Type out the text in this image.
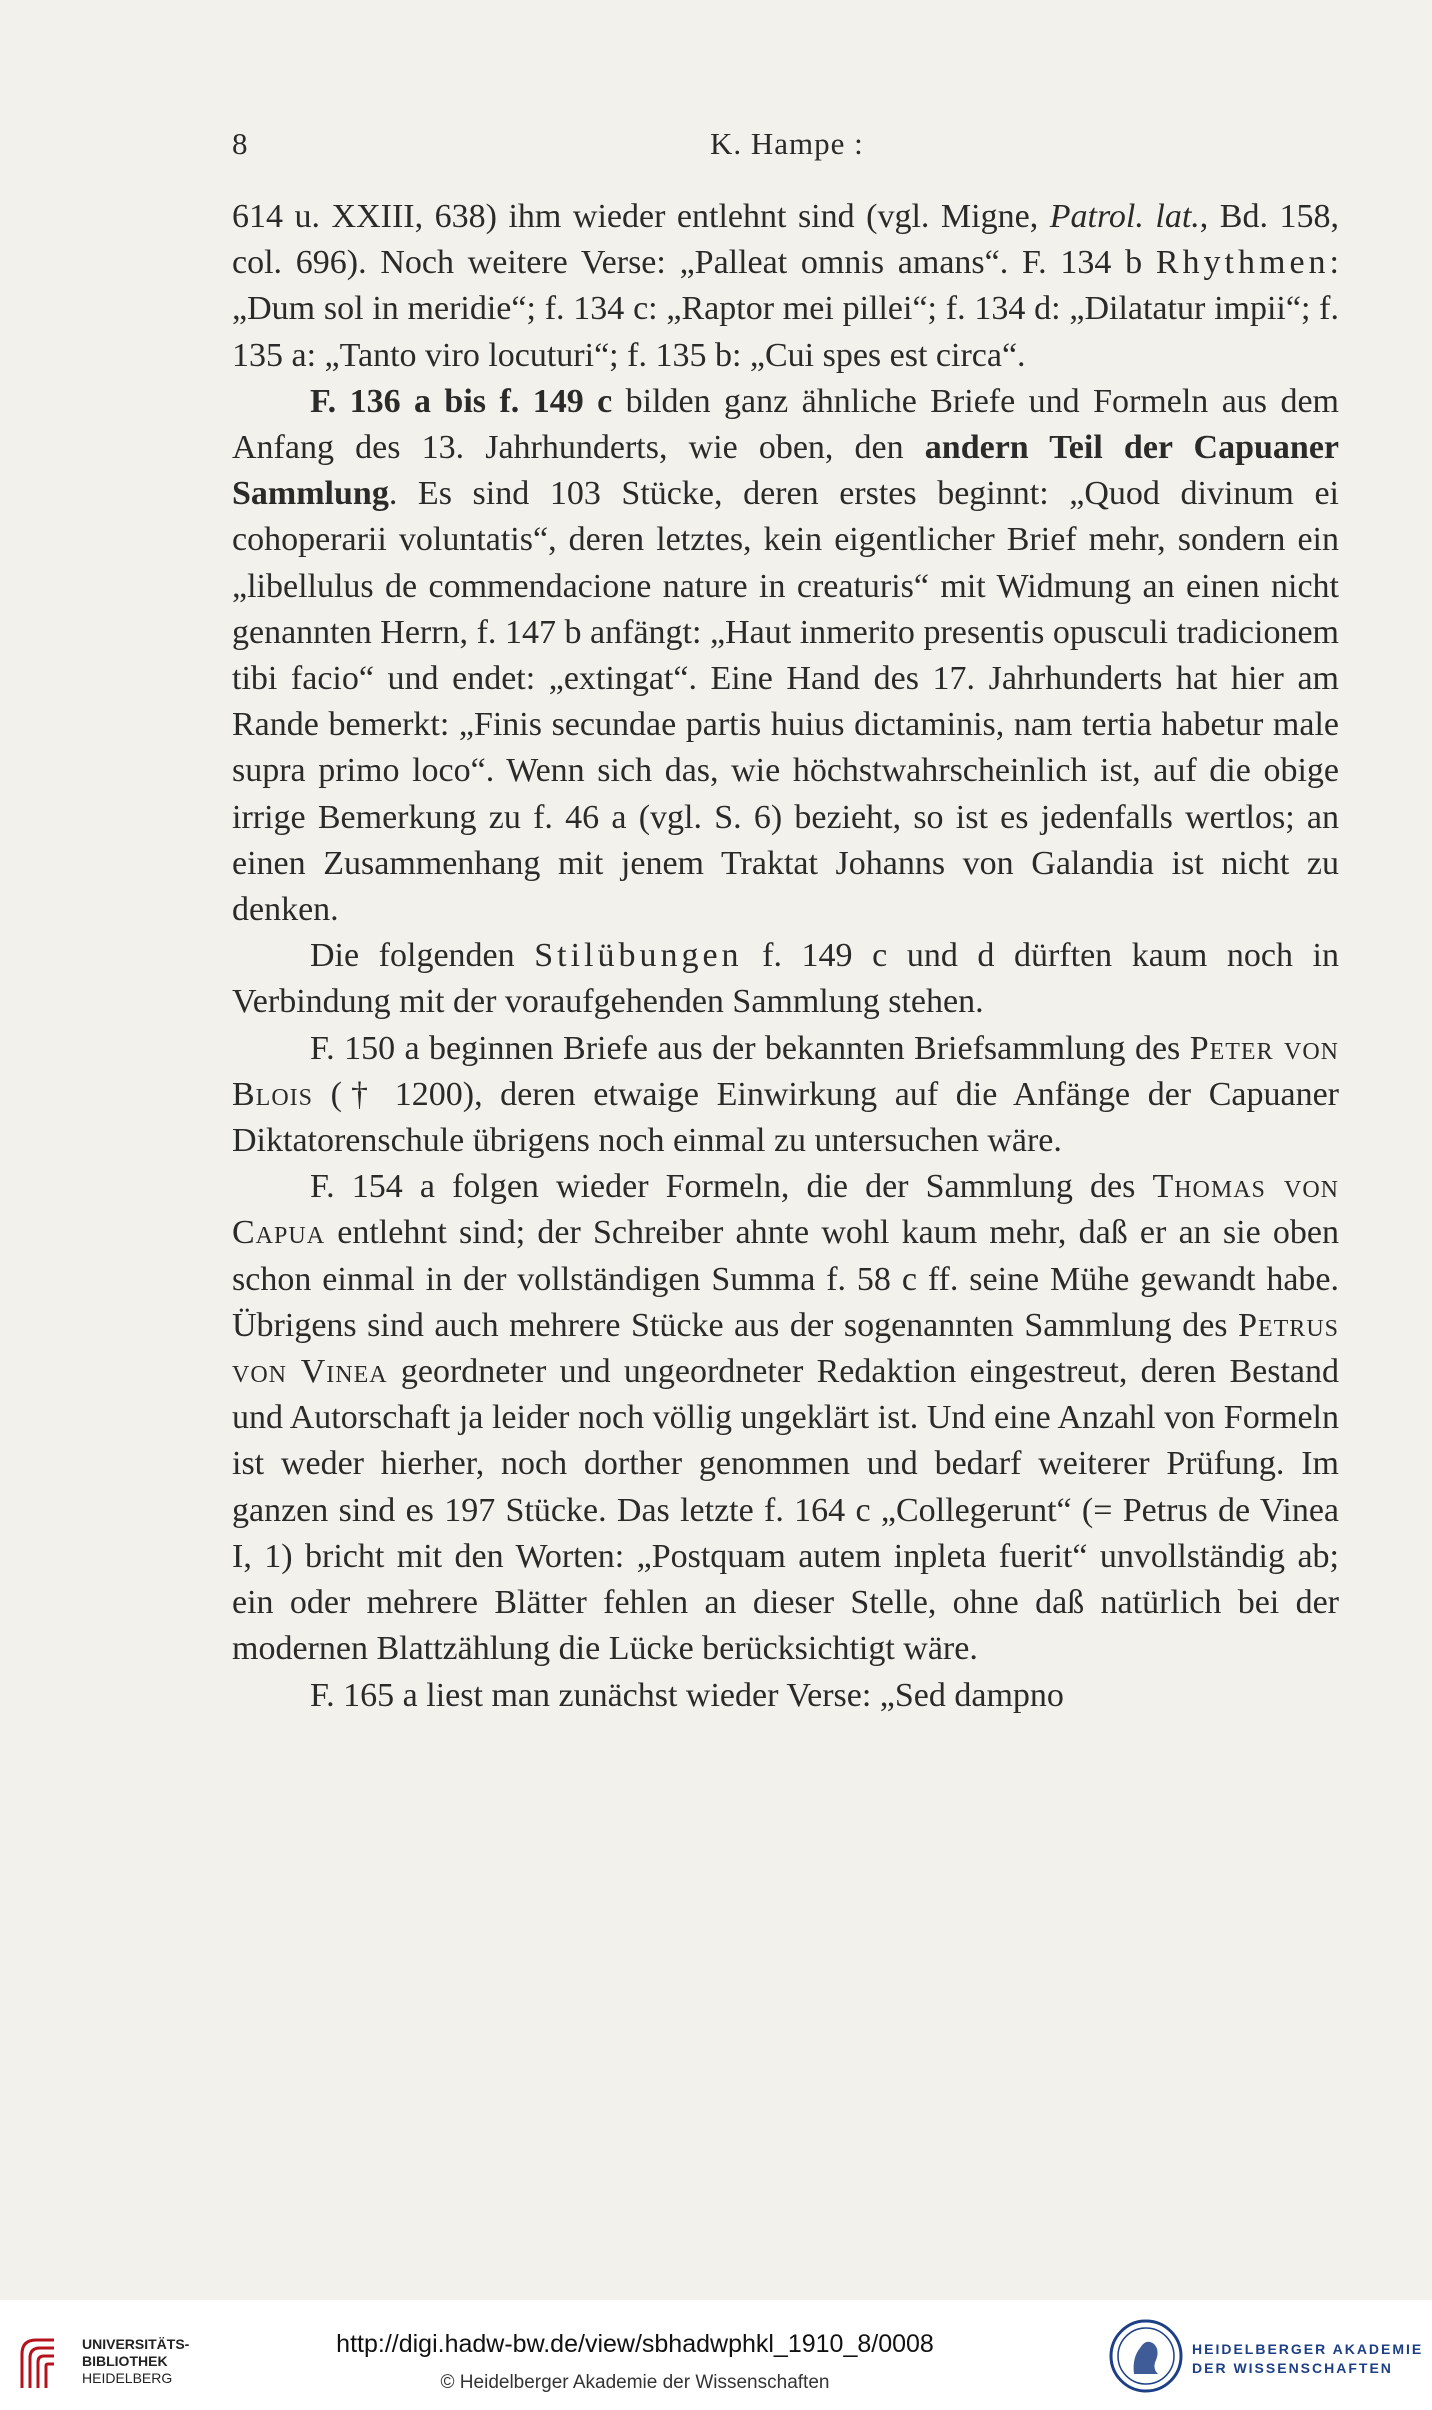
8	K. Hampe :

614 u. XXIII, 638) ihm wieder entlehnt sind (vgl. Migne, Patrol. lat., Bd. 158, col. 696). Noch weitere Verse: „Palleat omnis amans“. F. 134 b Rhythmen: „Dum sol in meridie“; f. 134 c: „Raptor mei pillei“; f. 134 d: „Dilatatur impii“; f. 135 a: „Tanto viro locuturi“; f. 135 b: „Cui spes est circa“.

F. 136 a bis f. 149 c bilden ganz ähnliche Briefe und Formeln aus dem Anfang des 13. Jahrhunderts, wie oben, den andern Teil der Capuaner Sammlung. Es sind 103 Stücke, deren erstes beginnt: „Quod divinum ei cohoperarii voluntatis“, deren letztes, kein eigentlicher Brief mehr, sondern ein „libellulus de commendacione nature in creaturis“ mit Widmung an einen nicht genannten Herrn, f. 147 b anfängt: „Haut inmerito presentis opusculi tradicionem tibi facio“ und endet: „extingat“. Eine Hand des 17. Jahrhunderts hat hier am Rande bemerkt: „Finis secundae partis huius dictaminis, nam tertia habetur male supra primo loco“. Wenn sich das, wie höchstwahrscheinlich ist, auf die obige irrige Bemerkung zu f. 46 a (vgl. S. 6) bezieht, so ist es jedenfalls wertlos; an einen Zusammenhang mit jenem Traktat Johanns von Galandia ist nicht zu denken.

Die folgenden Stilübungen f. 149 c und d dürften kaum noch in Verbindung mit der voraufgehenden Sammlung stehen.

F. 150 a beginnen Briefe aus der bekannten Briefsammlung des Peter von Blois († 1200), deren etwaige Einwirkung auf die Anfänge der Capuaner Diktatorenschule übrigens noch einmal zu untersuchen wäre.

F. 154 a folgen wieder Formeln, die der Sammlung des Thomas von Capua entlehnt sind; der Schreiber ahnte wohl kaum mehr, daß er an sie oben schon einmal in der vollständigen Summa f. 58 c ff. seine Mühe gewandt habe. Übrigens sind auch mehrere Stücke aus der sogenannten Sammlung des Petrus von Vinea geordneter und ungeordneter Redaktion eingestreut, deren Bestand und Autorschaft ja leider noch völlig ungeklärt ist. Und eine Anzahl von Formeln ist weder hierher, noch dorther genommen und bedarf weiterer Prüfung. Im ganzen sind es 197 Stücke. Das letzte f. 164 c „Collegerunt“ (= Petrus de Vinea I, 1) bricht mit den Worten: „Postquam autem inpleta fuerit“ unvollständig ab; ein oder mehrere Blätter fehlen an dieser Stelle, ohne daß natürlich bei der modernen Blattzählung die Lücke berücksichtigt wäre.

F. 165 a liest man zunächst wieder Verse: „Sed dampno

UNIVERSITÄTS-
BIBLIOTHEK
HEIDELBERG
http://digi.hadw-bw.de/view/sbhadwphkl_1910_8/0008
© Heidelberger Akademie der Wissenschaften
HEIDELBERGER AKADEMIE
DER WISSENSCHAFTEN
